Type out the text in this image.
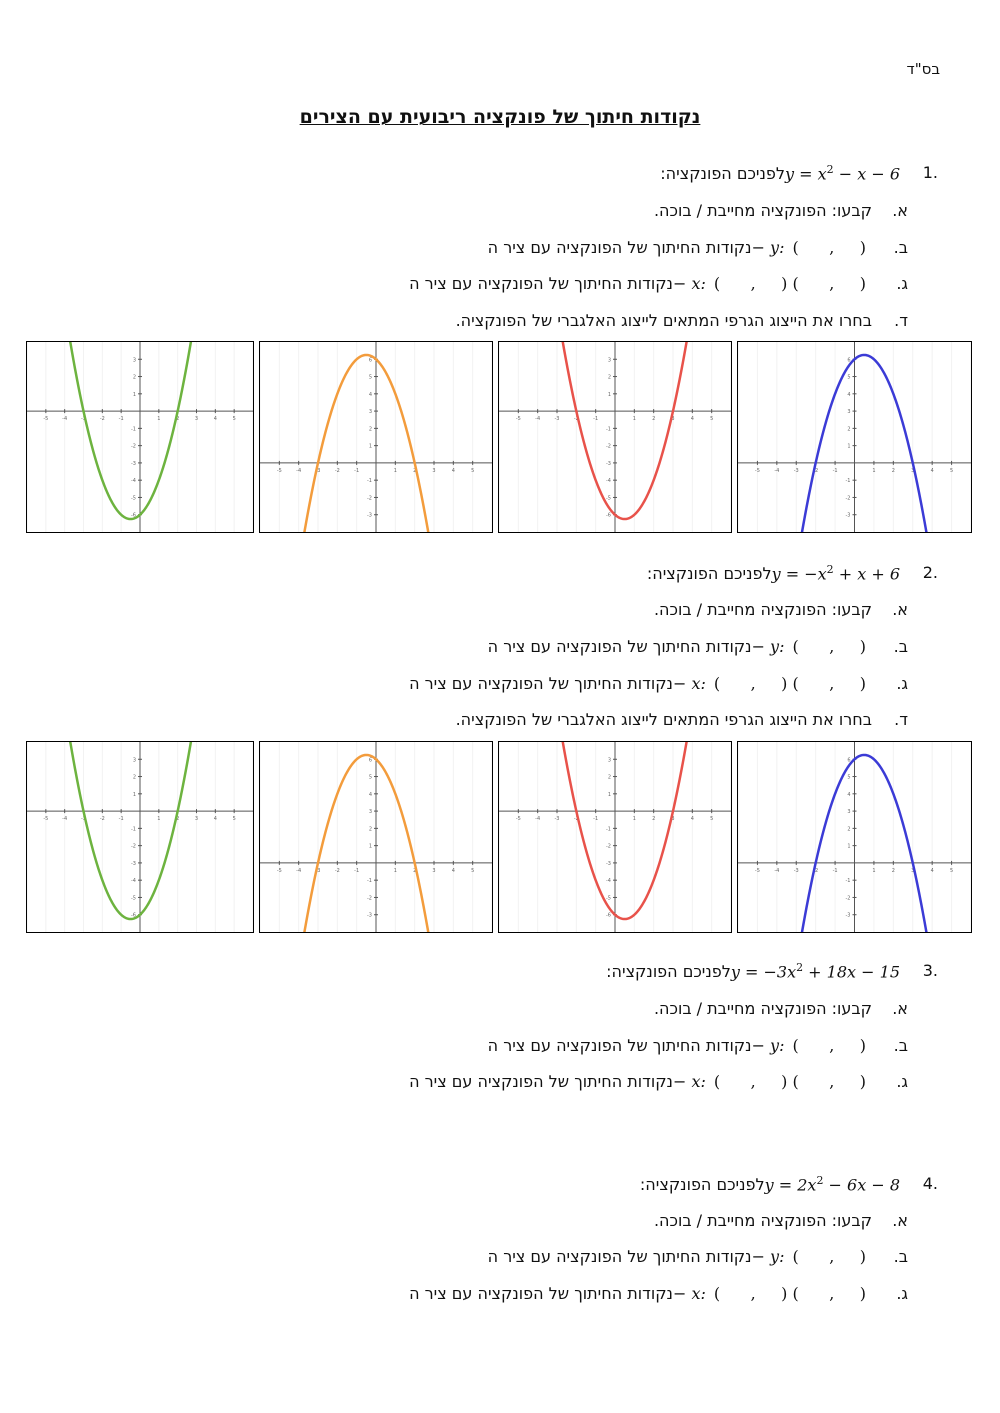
בס"ד
נקודות חיתוך של פונקציה ריבועית עם הצירים
1.
לפניכם הפונקציה: $y = x^2 - x - 6$
א.
קבעו: הפונקציה מחייבת / בוכה.
ב.
נקודות החיתוך של הפונקציה עם ציר ה − y: (      ,     )
ג.
נקודות החיתוך של הפונקציה עם ציר ה − x: (      ,     ) (      ,     )
ד.
בחרו את הייצוג הגרפי המתאים לייצוג האלגברי של הפונקציה.
-5	-4	-3	-2	-1	1	2	3	4	5
-6
-5
-4
-3
-2
-1
1
2
3
-5	-4	-3	-2	-1	1	2	3	4	5
-3
-2
-1
1
2
3
4
5
6
-5	-4	-3	-2	-1	1	2	3	4	5
-6
-5
-4
-3
-2
-1
1
2
3
-5	-4	-3	-2	-1	1	2	3	4	5
-3
-2
-1
1
2
3
4
5
6
2.
לפניכם הפונקציה: $y = -x^2 + x + 6$
א.
קבעו: הפונקציה מחייבת / בוכה.
ב.
נקודות החיתוך של הפונקציה עם ציר ה − y: (      ,     )
ג.
נקודות החיתוך של הפונקציה עם ציר ה − x: (      ,     ) (      ,     )
ד.
בחרו את הייצוג הגרפי המתאים לייצוג האלגברי של הפונקציה.
-5	-4	-3	-2	-1	1	2	3	4	5
-6
-5
-4
-3
-2
-1
1
2
3
-5	-4	-3	-2	-1	1	2	3	4	5
-3
-2
-1
1
2
3
4
5
6
-5	-4	-3	-2	-1	1	2	3	4	5
-6
-5
-4
-3
-2
-1
1
2
3
-5	-4	-3	-2	-1	1	2	3	4	5
-3
-2
-1
1
2
3
4
5
6
3.
לפניכם הפונקציה: $y = -3x^2 + 18x - 15$
א.
קבעו: הפונקציה מחייבת / בוכה.
ב.
נקודות החיתוך של הפונקציה עם ציר ה − y: (      ,     )
ג.
נקודות החיתוך של הפונקציה עם ציר ה − x: (      ,     ) (      ,     )
4.
לפניכם הפונקציה: $y = 2x^2 - 6x - 8$
א.
קבעו: הפונקציה מחייבת / בוכה.
ב.
נקודות החיתוך של הפונקציה עם ציר ה − y: (      ,     )
ג.
נקודות החיתוך של הפונקציה עם ציר ה − x: (      ,     ) (      ,     )
